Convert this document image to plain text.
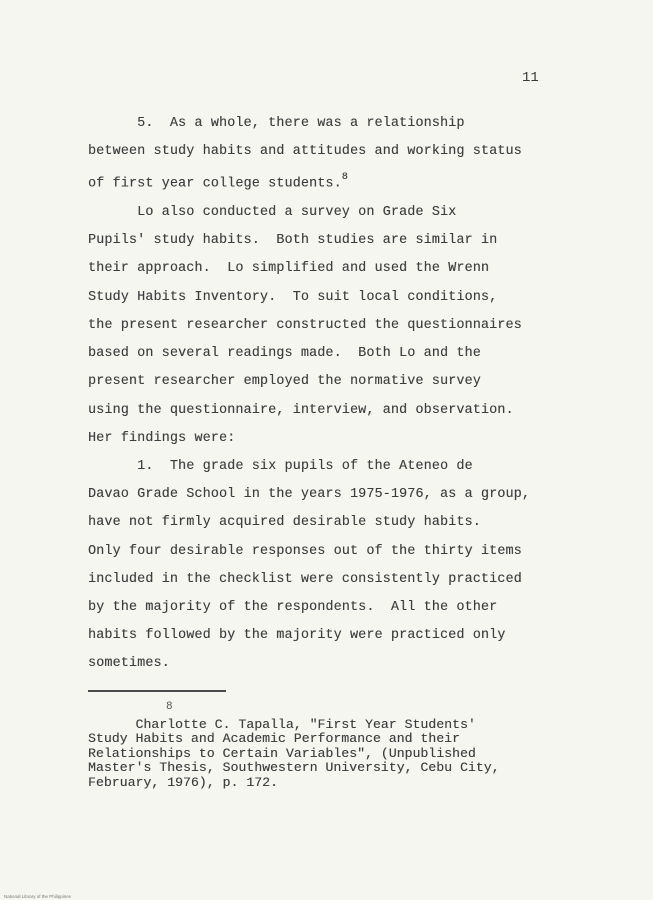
11
5.  As a whole, there was a relationship
between study habits and attitudes and working status
of first year college students.$^8$
Lo also conducted a survey on Grade Six
Pupils' study habits.  Both studies are similar in
their approach.  Lo simplified and used the Wrenn
Study Habits Inventory.  To suit local conditions,
the present researcher constructed the questionnaires
based on several readings made.  Both Lo and the
present researcher employed the normative survey
using the questionnaire, interview, and observation.
Her findings were:
1.  The grade six pupils of the Ateneo de
Davao Grade School in the years 1975-1976, as a group,
have not firmly acquired desirable study habits.
Only four desirable responses out of the thirty items
included in the checklist were consistently practiced
by the majority of the respondents.  All the other
habits followed by the majority were practiced only
sometimes.
8
Charlotte C. Tapalla, "First Year Students'
Study Habits and Academic Performance and their
Relationships to Certain Variables", (Unpublished
Master's Thesis, Southwestern University, Cebu City,
February, 1976), p. 172.
National Library of the Philippines
